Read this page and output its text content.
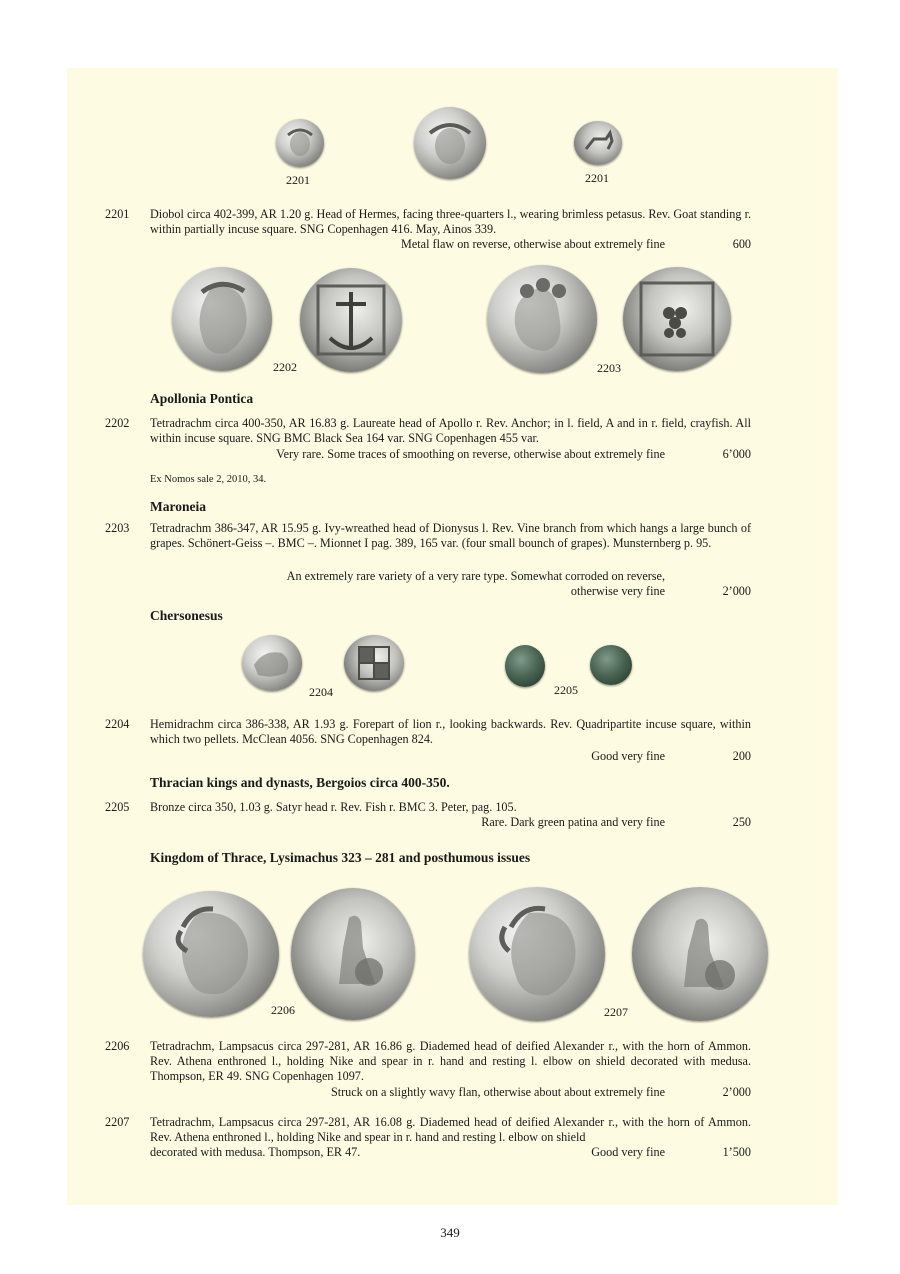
2201	2201
2201 Diobol circa 402-399, AR 1.20 g. Head of Hermes, facing three-quarters l., wearing brimless petasus. Rev. Goat standing r. within partially incuse square. SNG Copenhagen 416. May, Ainos 339.

Metal flaw on reverse, otherwise about extremely fine	600
2202	2203
Apollonia Pontica
2202 Tetradrachm circa 400-350, AR 16.83 g. Laureate head of Apollo r. Rev. Anchor; in l. field, A and in r. field, crayfish. All within incuse square. SNG BMC Black Sea 164 var. SNG Copenhagen 455 var.

Very rare. Some traces of smoothing on reverse, otherwise about extremely fine	6’000
Ex Nomos sale 2, 2010, 34.
Maroneia
2203 Tetradrachm 386-347, AR 15.95 g. Ivy-wreathed head of Dionysus l. Rev. Vine branch from which hangs a large bunch of grapes. Schönert-Geiss –. BMC –. Mionnet I pag. 389, 165 var. (four small bounch of grapes). Munsternberg p. 95.

An extremely rare variety of a very rare type. Somewhat corroded on reverse,
otherwise very fine	2’000
Chersonesus
2204	2205
2204 Hemidrachm circa 386-338, AR 1.93 g. Forepart of lion r., looking backwards. Rev. Quadripartite incuse square, within which two pellets. McClean 4056. SNG Copenhagen 824.

Good very fine	200
Thracian kings and dynasts, Bergoios circa 400-350.
2205 Bronze circa 350, 1.03 g. Satyr head r. Rev. Fish r. BMC 3. Peter, pag. 105.

Rare. Dark green patina and very fine	250
Kingdom of Thrace, Lysimachus 323 – 281 and posthumous issues
2206	2207
2206 Tetradrachm, Lampsacus circa 297-281, AR 16.86 g. Diademed head of deified Alexander r., with the horn of Ammon. Rev. Athena enthroned l., holding Nike and spear in r. hand and resting l. elbow on shield decorated with medusa. Thompson, ER 49. SNG Copenhagen 1097.

Struck on a slightly wavy flan, otherwise about about extremely fine	2’000
2207 Tetradrachm, Lampsacus circa 297-281, AR 16.08 g. Diademed head of deified Alexander r., with the horn of Ammon. Rev. Athena enthroned l., holding Nike and spear in r. hand and resting l. elbow on shield

decorated with medusa. Thompson, ER 47.	Good very fine	1’500
349
